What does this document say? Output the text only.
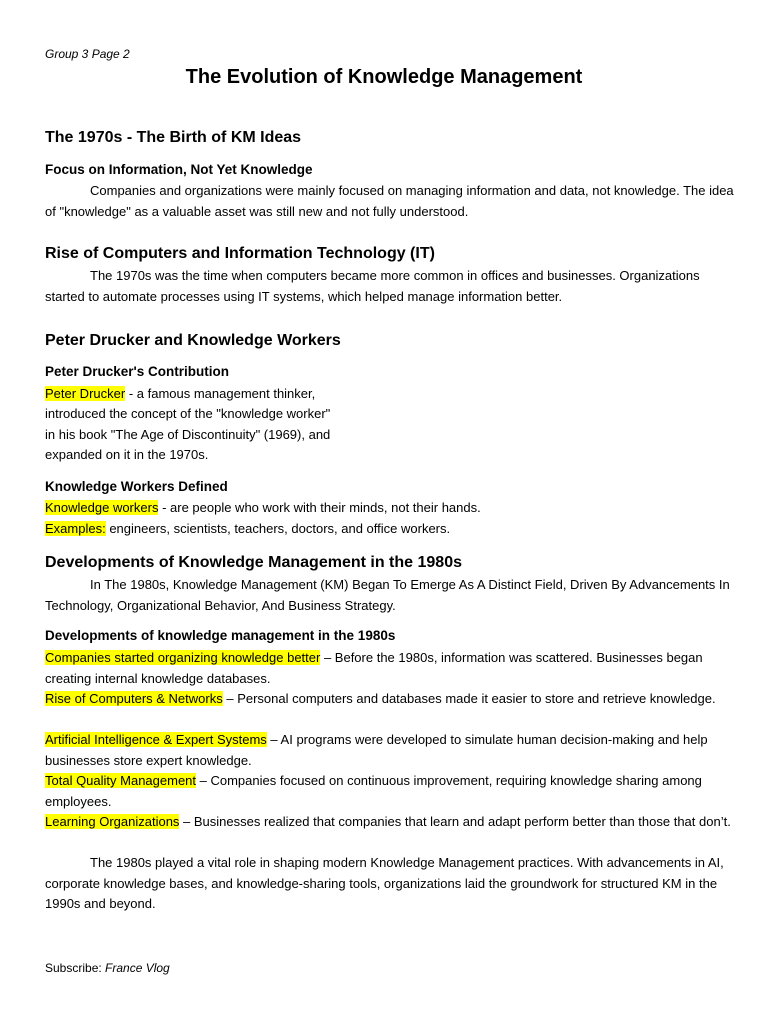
Group 3 Page 2
The Evolution of Knowledge Management
The 1970s - The Birth of KM Ideas
Focus on Information, Not Yet Knowledge
Companies and organizations were mainly focused on managing information and data, not knowledge. The idea of "knowledge" as a valuable asset was still new and not fully understood.
Rise of Computers and Information Technology (IT)
The 1970s was the time when computers became more common in offices and businesses. Organizations started to automate processes using IT systems, which helped manage information better.
Peter Drucker and Knowledge Workers
Peter Drucker's Contribution
Peter Drucker - a famous management thinker,
introduced the concept of the "knowledge worker"
in his book "The Age of Discontinuity" (1969), and
expanded on it in the 1970s.
Knowledge Workers Defined
Knowledge workers - are people who work with their minds, not their hands.
Examples: engineers, scientists, teachers, doctors, and office workers.
Developments of Knowledge Management in the 1980s
In The 1980s, Knowledge Management (KM) Began To Emerge As A Distinct Field, Driven By Advancements In Technology, Organizational Behavior, And Business Strategy.
Developments of knowledge management in the 1980s
Companies started organizing knowledge better – Before the 1980s, information was scattered. Businesses began creating internal knowledge databases.
Rise of Computers & Networks – Personal computers and databases made it easier to store and retrieve knowledge.
Artificial Intelligence & Expert Systems – AI programs were developed to simulate human decision-making and help businesses store expert knowledge.
Total Quality Management – Companies focused on continuous improvement, requiring knowledge sharing among employees.
Learning Organizations – Businesses realized that companies that learn and adapt perform better than those that don’t.
The 1980s played a vital role in shaping modern Knowledge Management practices. With advancements in AI, corporate knowledge bases, and knowledge-sharing tools, organizations laid the groundwork for structured KM in the 1990s and beyond.
Subscribe: France Vlog
